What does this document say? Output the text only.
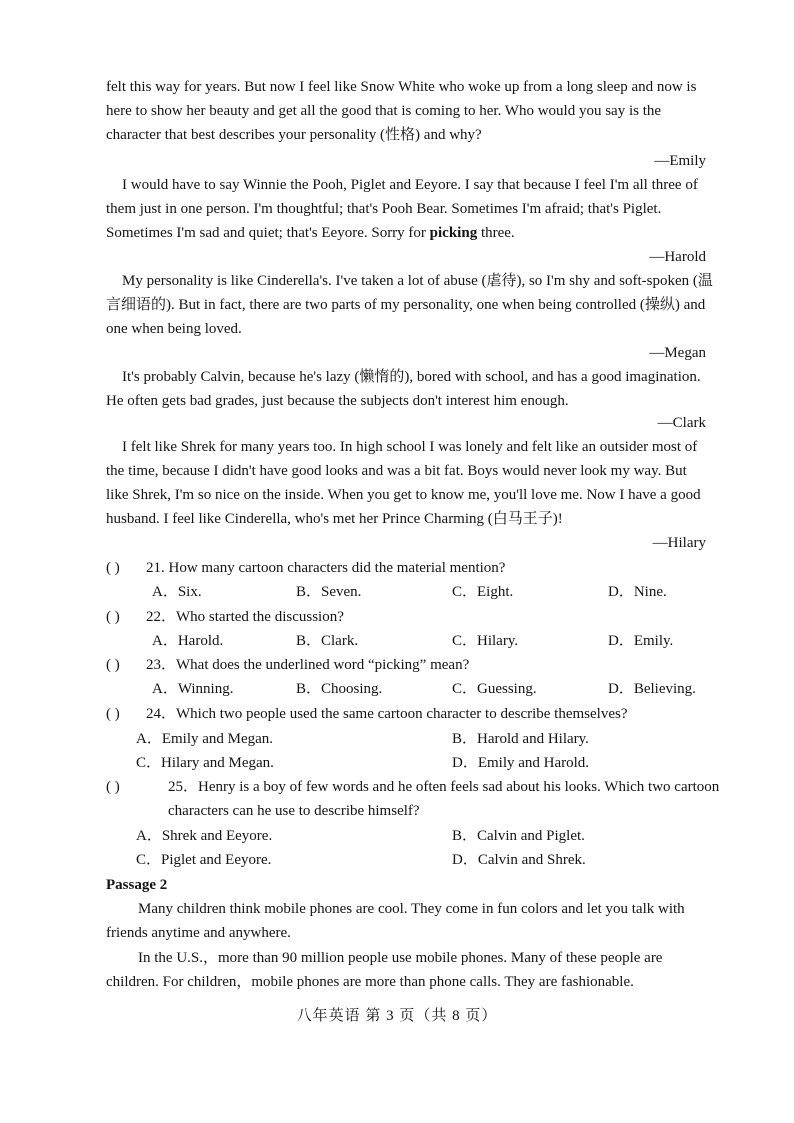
felt this way for years. But now I feel like Snow White who woke up from a long sleep and now is here to show her beauty and get all the good that is coming to her. Who would you say is the character that best describes your personality (性格) and why?

—Emily

I would have to say Winnie the Pooh, Piglet and Eeyore. I say that because I feel I'm all three of them just in one person. I'm thoughtful; that's Pooh Bear. Sometimes I'm afraid; that's Piglet. Sometimes I'm sad and quiet; that's Eeyore. Sorry for picking three.

—Harold

My personality is like Cinderella's. I've taken a lot of abuse (虐待), so I'm shy and soft-spoken (温言细语的). But in fact, there are two parts of my personality, one when being controlled (操纵) and one when being loved.

—Megan

It's probably Calvin, because he's lazy (懒惰的), bored with school, and has a good imagination. He often gets bad grades, just because the subjects don't interest him enough.

—Clark

I felt like Shrek for many years too. In high school I was lonely and felt like an outsider most of the time, because I didn't have good looks and was a bit fat. Boys would never look my way. But like Shrek, I'm so nice on the inside. When you get to know me, you'll love me. Now I have a good husband. I feel like Cinderella, who's met her Prince Charming (白马王子)!

—Hilary
( ) 21. How many cartoon characters did the material mention?
A．Six.	B．Seven.	C．Eight.	D．Nine.
( ) 22．Who started the discussion?
A．Harold.	B．Clark.	C．Hilary.	D．Emily.
( ) 23．What does the underlined word “picking” mean?
A．Winning.	B．Choosing.	C．Guessing.	D．Believing.
( ) 24．Which two people used the same cartoon character to describe themselves?
A．Emily and Megan.	B．Harold and Hilary.
C．Hilary and Megan.	D．Emily and Harold.
( )	25．Henry is a boy of few words and he often feels sad about his looks. Which two cartoon characters can he use to describe himself?
A．Shrek and Eeyore.	B．Calvin and Piglet.
C．Piglet and Eeyore.	D．Calvin and Shrek.
Passage 2

Many children think mobile phones are cool. They come in fun colors and let you talk with friends anytime and anywhere.

In the U.S.，more than 90 million people use mobile phones. Many of these people are children. For children，mobile phones are more than phone calls. They are fashionable.

八年英语 第 3 页（共 8 页）
